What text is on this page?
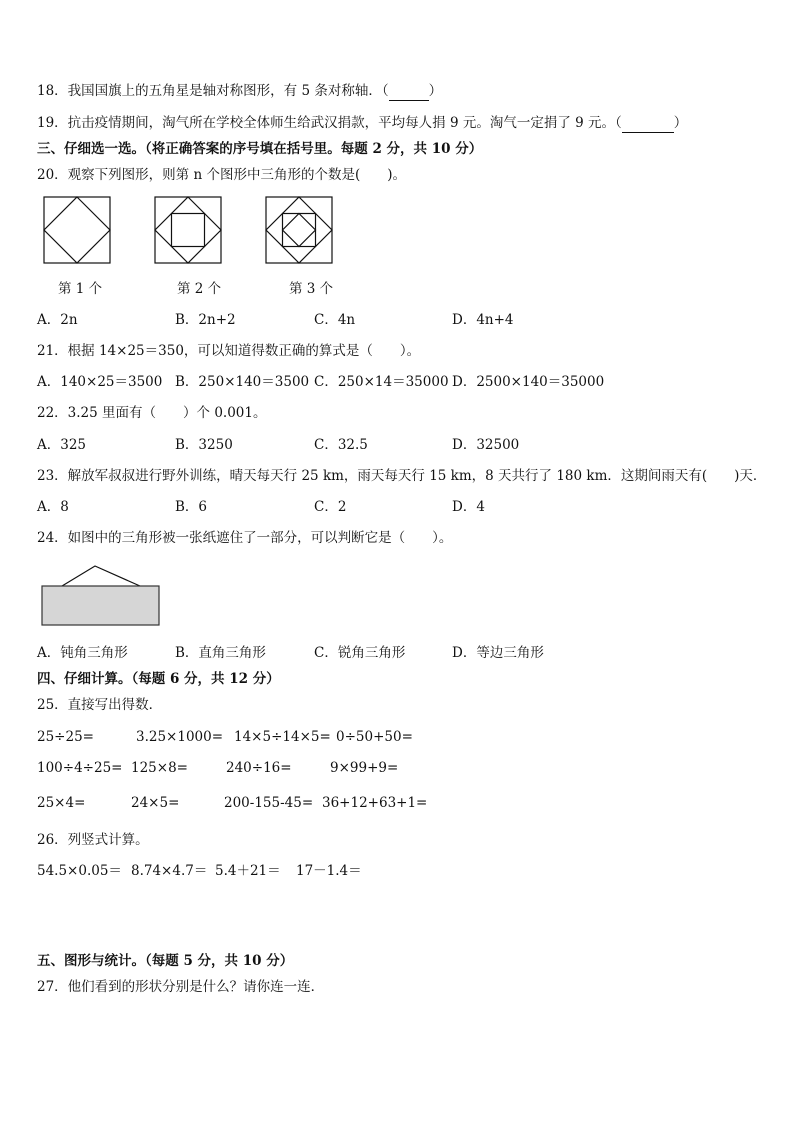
18．我国国旗上的五角星是轴对称图形，有 5 条对称轴．（	）
19．抗击疫情期间，淘气所在学校全体师生给武汉捐款，平均每人捐 9 元。淘气一定捐了 9 元。（	）
三、仔细选一选。（将正确答案的序号填在括号里。每题 2 分，共 10 分）
20．观察下列图形，则第 n 个图形中三角形的个数是(　　)。
第 1 个	第 2 个	第 3 个
A．2n	B．2n+2	C．4n	D．4n+4
21．根据 14×25＝350，可以知道得数正确的算式是（　　）。
A．140×25＝3500 B．250×140＝3500 C．250×14＝35000 D．2500×140＝35000
22．3.25 里面有（　　）个 0.001。
A．325	B．3250	C．32.5	D．32500
23．解放军叔叔进行野外训练，晴天每天行 25 km，雨天每天行 15 km，8 天共行了 180 km．这期间雨天有(　　)天．
A．8	B．6	C．2	D．4
24．如图中的三角形被一张纸遮住了一部分，可以判断它是（　　）。
A．钝角三角形	B．直角三角形	C．锐角三角形	D．等边三角形
四、仔细计算。（每题 6 分，共 12 分）
25．直接写出得数．
25÷25=	3.25×1000= 14×5÷14×5= 0÷50+50=
100÷4÷25= 125×8=	240÷16=	9×99+9=
25×4=	24×5=	200-155-45= 36+12+63+1=
26．列竖式计算。
54.5×0.05＝ 8.74×4.7＝ 5.4＋21＝ 17－1.4＝
五、图形与统计。（每题 5 分，共 10 分）
27．他们看到的形状分别是什么？请你连一连．
